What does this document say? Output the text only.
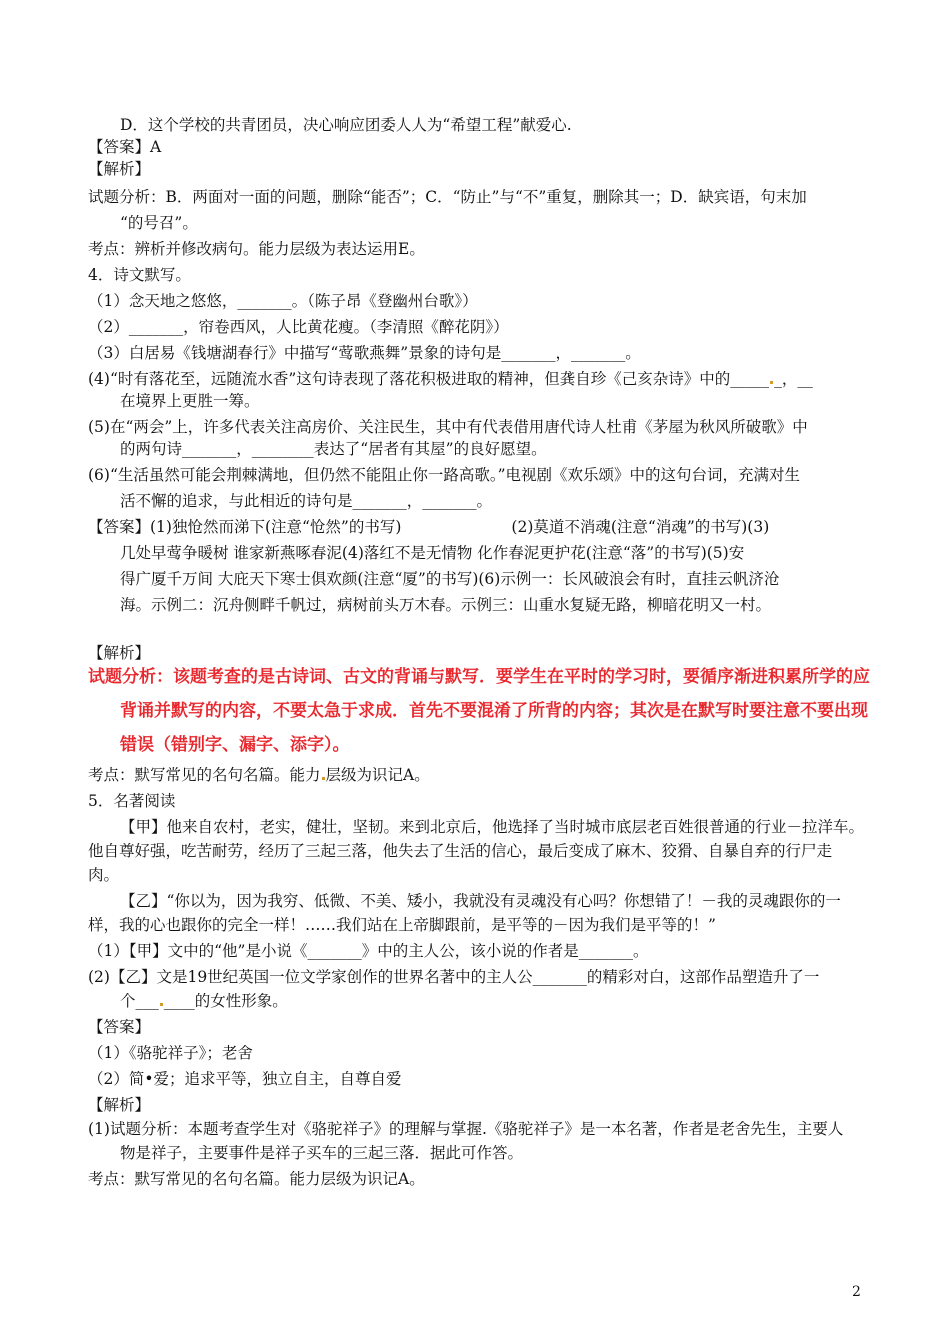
D．这个学校的共青团员，决心响应团委人人为“希望工程”献爱心.
【答案】A
【解析】
试题分析：B．两面对一面的问题，删除“能否”；C．“防止”与“不”重复，删除其一；D．缺宾语，句末加
“的号召”。
考点：辨析并修改病句。能力层级为表达运用E。
4．诗文默写。
（1）念天地之悠悠，_______。（陈子昂《登幽州台歌》）
（2）_______，帘卷西风，人比黄花瘦。（李清照《醉花阴》）
（3）白居易《钱塘湖春行》中描写“莺歌燕舞”景象的诗句是_______，_______。
(4)“时有落花至，远随流水香”这句诗表现了落花积极进取的精神，但龚自珍《己亥杂诗》中的_____ _，__
在境界上更胜一筹。
(5)在“两会”上，许多代表关注高房价、关注民生，其中有代表借用唐代诗人杜甫《茅屋为秋风所破歌》中
的两句诗_______，________表达了“居者有其屋”的良好愿望。
(6)“生活虽然可能会荆棘满地，但仍然不能阻止你一路高歌。”电视剧《欢乐颂》中的这句台词，充满对生
活不懈的追求，与此相近的诗句是_______，_______。
【答案】(1)独怆然而涕下(注意“怆然”的书写)	(2)莫道不消魂(注意“消魂”的书写)(3)
几处早莺争暖树 谁家新燕啄春泥(4)落红不是无情物 化作春泥更护花(注意“落”的书写)(5)安
得广厦千万间 大庇天下寒士俱欢颜(注意“厦”的书写)(6)示例一：长风破浪会有时，直挂云帆济沧
海。示例二：沉舟侧畔千帆过，病树前头万木春。示例三：山重水复疑无路，柳暗花明又一村。
【解析】
试题分析：该题考查的是古诗词、古文的背诵与默写．要学生在平时的学习时，要循序渐进积累所学的应
背诵并默写的内容，不要太急于求成．首先不要混淆了所背的内容；其次是在默写时要注意不要出现
错误（错别字、漏字、添字）。
考点：默写常见的名句名篇。能力 层级为识记A。
5．名著阅读
【甲】他来自农村，老实，健壮，坚韧。来到北京后，他选择了当时城市底层老百姓很普通的行业－拉洋车。
他自尊好强，吃苦耐劳，经历了三起三落，他失去了生活的信心，最后变成了麻木、狡猾、自暴自弃的行尸走
肉。
【乙】“你以为，因为我穷、低微、不美、矮小，我就没有灵魂没有心吗？你想错了！－我的灵魂跟你的一
样，我的心也跟你的完全一样！……我们站在上帝脚跟前，是平等的－因为我们是平等的！”
（1）【甲】文中的“他”是小说《_______》中的主人公，该小说的作者是_______。
(2)【乙】文是19世纪英国一位文学家创作的世界名著中的主人公_______的精彩对白，这部作品塑造升了一
个___ ____的女性形象。
【答案】
（1）《骆驼祥子》；老舍
（2）简•爱；追求平等，独立自主，自尊自爱
【解析】
(1)试题分析：本题考查学生对《骆驼祥子》的理解与掌握.《骆驼祥子》是一本名著，作者是老舍先生，主要人
物是祥子，主要事件是祥子买车的三起三落．据此可作答。
考点：默写常见的名句名篇。能力层级为识记A。
2
